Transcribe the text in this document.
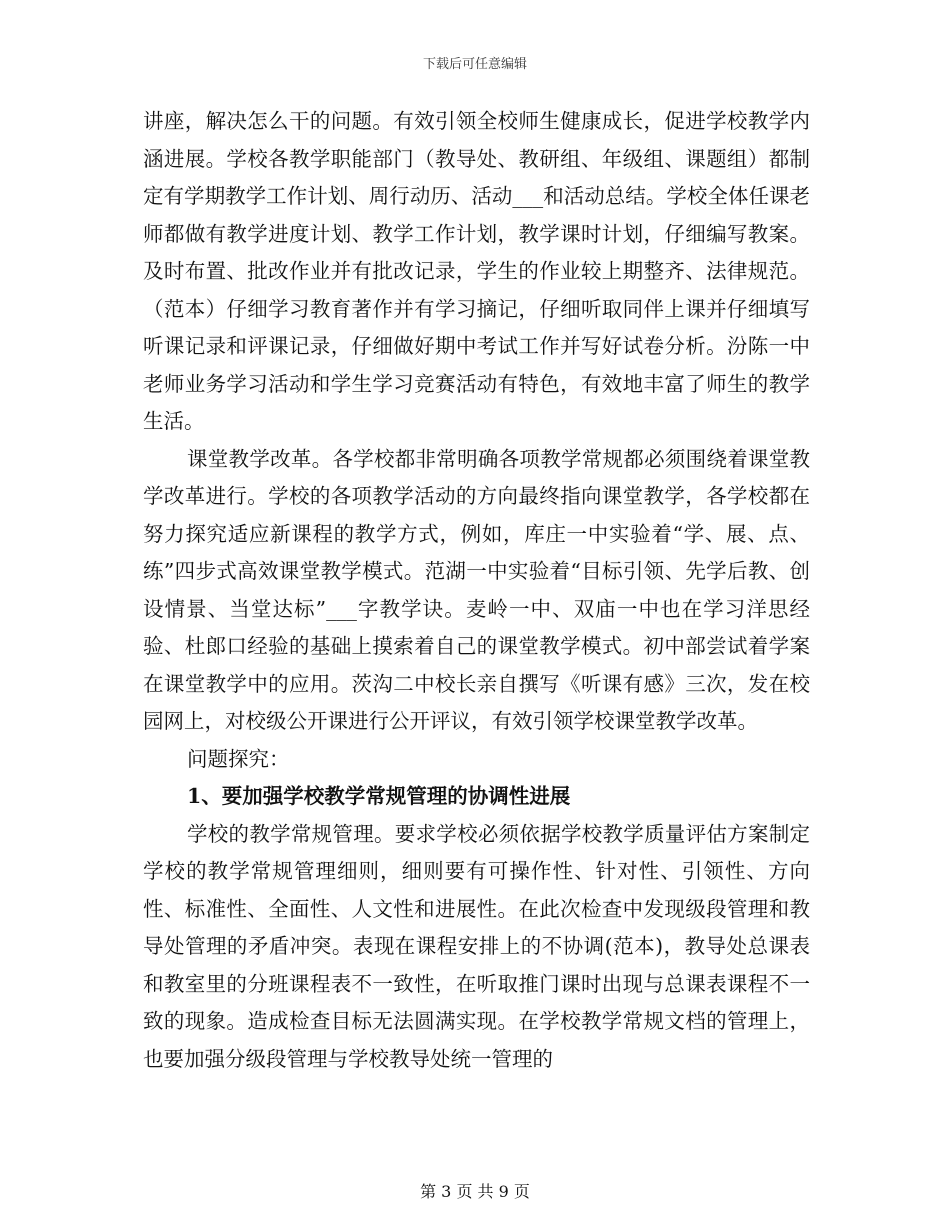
下载后可任意编辑

讲座，解决怎么干的问题。有效引领全校师生健康成长，促进学校教学内涵进展。学校各教学职能部门（教导处、教研组、年级组、课题组）都制定有学期教学工作计划、周行动历、活动___和活动总结。学校全体任课老师都做有教学进度计划、教学工作计划，教学课时计划，仔细编写教案。及时布置、批改作业并有批改记录，学生的作业较上期整齐、法律规范。（范本）仔细学习教育著作并有学习摘记，仔细听取同伴上课并仔细填写听课记录和评课记录，仔细做好期中考试工作并写好试卷分析。汾陈一中老师业务学习活动和学生学习竞赛活动有特色，有效地丰富了师生的教学生活。

课堂教学改革。各学校都非常明确各项教学常规都必须围绕着课堂教学改革进行。学校的各项教学活动的方向最终指向课堂教学，各学校都在努力探究适应新课程的教学方式，例如，库庄一中实验着“学、展、点、练”四步式高效课堂教学模式。范湖一中实验着“目标引领、先学后教、创设情景、当堂达标”___字教学诀。麦岭一中、双庙一中也在学习洋思经验、杜郎口经验的基础上摸索着自己的课堂教学模式。初中部尝试着学案在课堂教学中的应用。茨沟二中校长亲自撰写《听课有感》三次，发在校园网上，对校级公开课进行公开评议，有效引领学校课堂教学改革。

问题探究：

1、要加强学校教学常规管理的协调性进展

学校的教学常规管理。要求学校必须依据学校教学质量评估方案制定学校的教学常规管理细则，细则要有可操作性、针对性、引领性、方向性、标准性、全面性、人文性和进展性。在此次检查中发现级段管理和教导处管理的矛盾冲突。表现在课程安排上的不协调(范本)，教导处总课表和教室里的分班课程表不一致性，在听取推门课时出现与总课表课程不一致的现象。造成检查目标无法圆满实现。在学校教学常规文档的管理上，也要加强分级段管理与学校教导处统一管理的

第 3 页 共 9 页
